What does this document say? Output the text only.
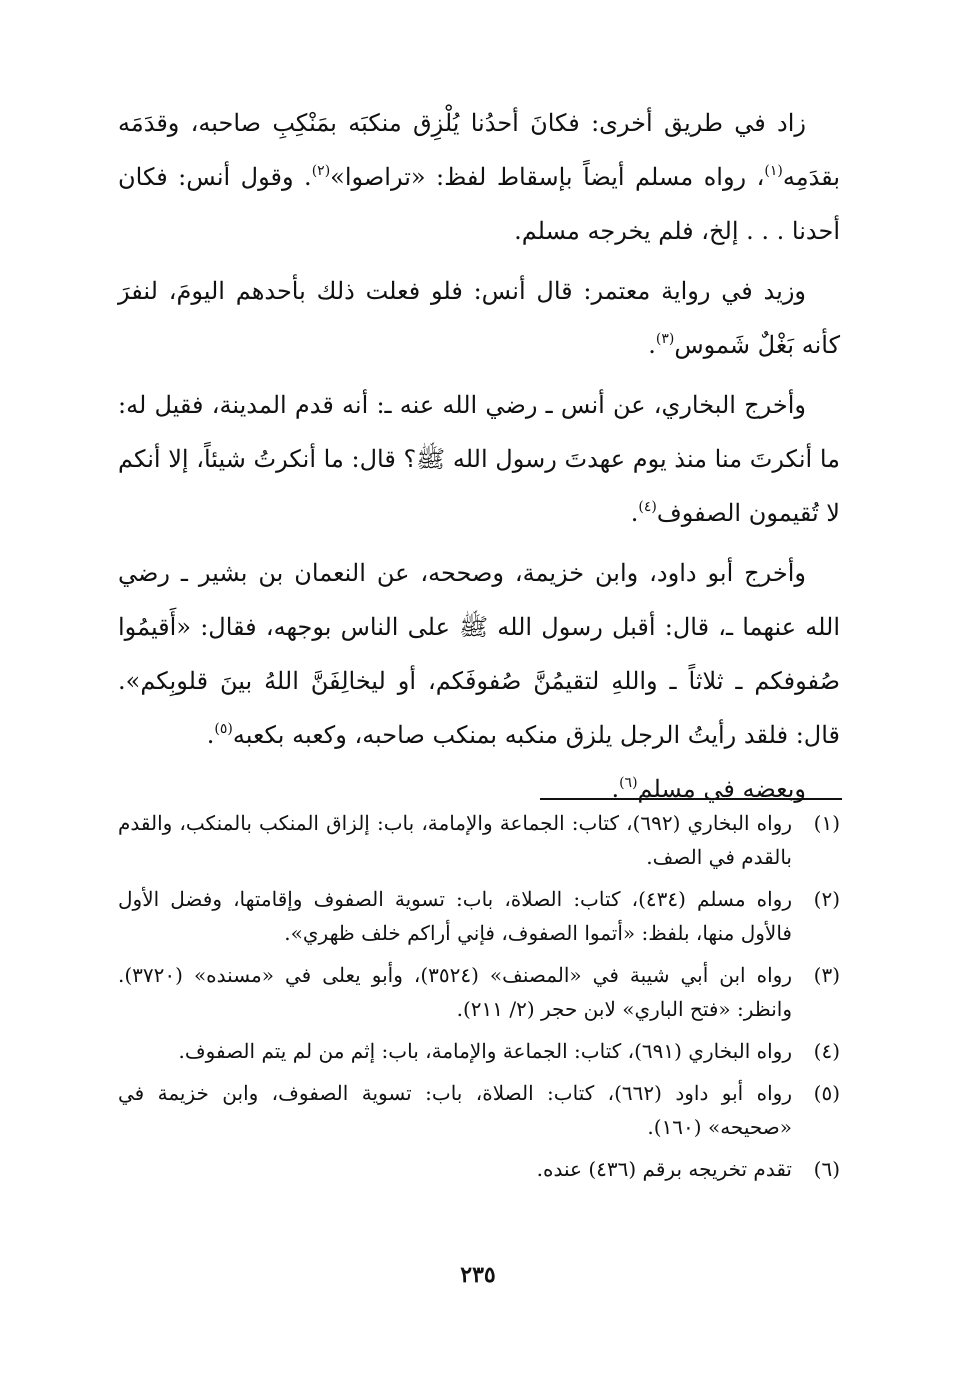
زاد في طريق أخرى: فكانَ أحدُنا يُلْزِق منكبَه بمَنْكِبِ صاحبه، وقدَمَه بقدَمِه$^{(١)}$، رواه مسلم أيضاً بإسقاط لفظ: «تراصوا»$^{(٢)}$. وقول أنس: فكان أحدنا . . . إلخ، فلم يخرجه مسلم.

وزيد في رواية معتمر: قال أنس: فلو فعلت ذلك بأحدهم اليومَ، لنفرَ كأنه بَغْلٌ شَموس$^{(٣)}$.

وأخرج البخاري، عن أنس ـ رضي الله عنه ـ: أنه قدم المدينة، فقيل له: ما أنكرتَ منا منذ يوم عهدتَ رسول الله ﷺ؟ قال: ما أنكرتُ شيئاً، إلا أنكم لا تُقيمون الصفوف$^{(٤)}$.

وأخرج أبو داود، وابن خزيمة، وصححه، عن النعمان بن بشير ـ رضي الله عنهما ـ، قال: أقبل رسول الله ﷺ على الناس بوجهه، فقال: «أَقيمُوا صُفوفكم ـ ثلاثاً ـ واللهِ لتقيمُنَّ صُفوفَكم، أو ليخالِفَنَّ اللهُ بينَ قلوبِكم». قال: فلقد رأيتُ الرجل يلزق منكبه بمنكب صاحبه، وكعبه بكعبه$^{(٥)}$.

وبعضه في مسلم$^{(٦)}$.

(١)
رواه البخاري (٦٩٢)، كتاب: الجماعة والإمامة، باب: إلزاق المنكب بالمنكب، والقدم بالقدم في الصف.
(٢)
رواه مسلم (٤٣٤)، كتاب: الصلاة، باب: تسوية الصفوف وإقامتها، وفضل الأول فالأول منها، بلفظ: «أتموا الصفوف، فإني أراكم خلف ظهري».
(٣)
رواه ابن أبي شيبة في «المصنف» (٣٥٢٤)، وأبو يعلى في «مسنده» (٣٧٢٠). وانظر: «فتح الباري» لابن حجر (٢/ ٢١١).
(٤)
رواه البخاري (٦٩١)، كتاب: الجماعة والإمامة، باب: إثم من لم يتم الصفوف.
(٥)
رواه أبو داود (٦٦٢)، كتاب: الصلاة، باب: تسوية الصفوف، وابن خزيمة في «صحيحه» (١٦٠).
(٦)
تقدم تخريجه برقم (٤٣٦) عنده.
٢٣٥
